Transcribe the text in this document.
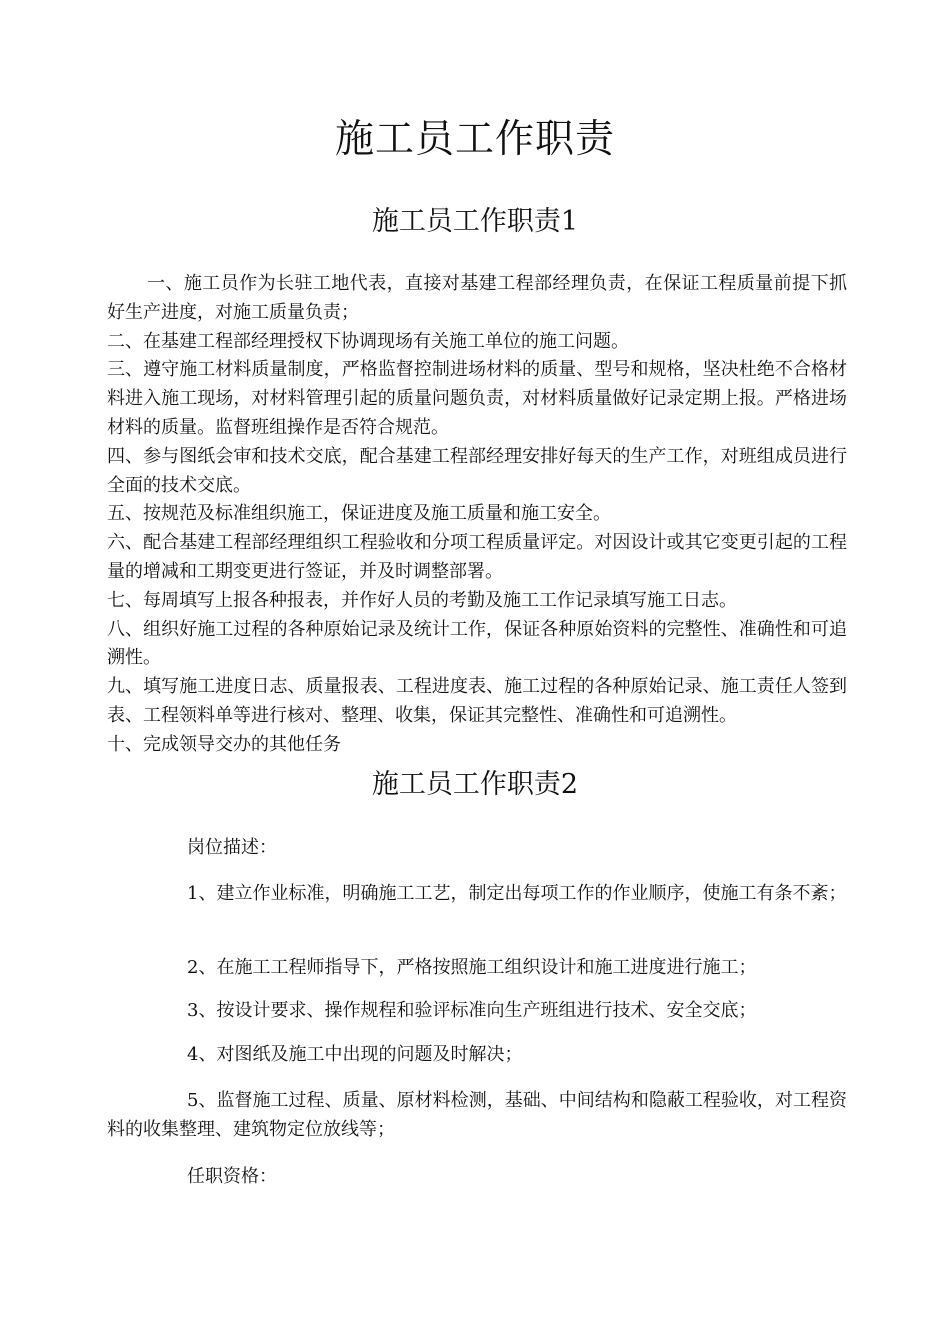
施工员工作职责
施工员工作职责1

一、施工员作为长驻工地代表，直接对基建工程部经理负责，在保证工程质量前提下抓好生产进度，对施工质量负责；

二、在基建工程部经理授权下协调现场有关施工单位的施工问题。

三、遵守施工材料质量制度，严格监督控制进场材料的质量、型号和规格，坚决杜绝不合格材料进入施工现场，对材料管理引起的质量问题负责，对材料质量做好记录定期上报。严格进场材料的质量。监督班组操作是否符合规范。

四、参与图纸会审和技术交底，配合基建工程部经理安排好每天的生产工作，对班组成员进行全面的技术交底。

五、按规范及标准组织施工，保证进度及施工质量和施工安全。

六、配合基建工程部经理组织工程验收和分项工程质量评定。对因设计或其它变更引起的工程量的增减和工期变更进行签证，并及时调整部署。

七、每周填写上报各种报表，并作好人员的考勤及施工工作记录填写施工日志。

八、组织好施工过程的各种原始记录及统计工作，保证各种原始资料的完整性、准确性和可追溯性。

九、填写施工进度日志、质量报表、工程进度表、施工过程的各种原始记录、施工责任人签到表、工程领料单等进行核对、整理、收集，保证其完整性、准确性和可追溯性。

十、完成领导交办的其他任务

施工员工作职责2

岗位描述：

1、建立作业标准，明确施工工艺，制定出每项工作的作业顺序，使施工有条不紊；

2、在施工工程师指导下，严格按照施工组织设计和施工进度进行施工；

3、按设计要求、操作规程和验评标准向生产班组进行技术、安全交底；

4、对图纸及施工中出现的问题及时解决；

5、监督施工过程、质量、原材料检测，基础、中间结构和隐蔽工程验收，对工程资料的收集整理、建筑物定位放线等；

任职资格：
